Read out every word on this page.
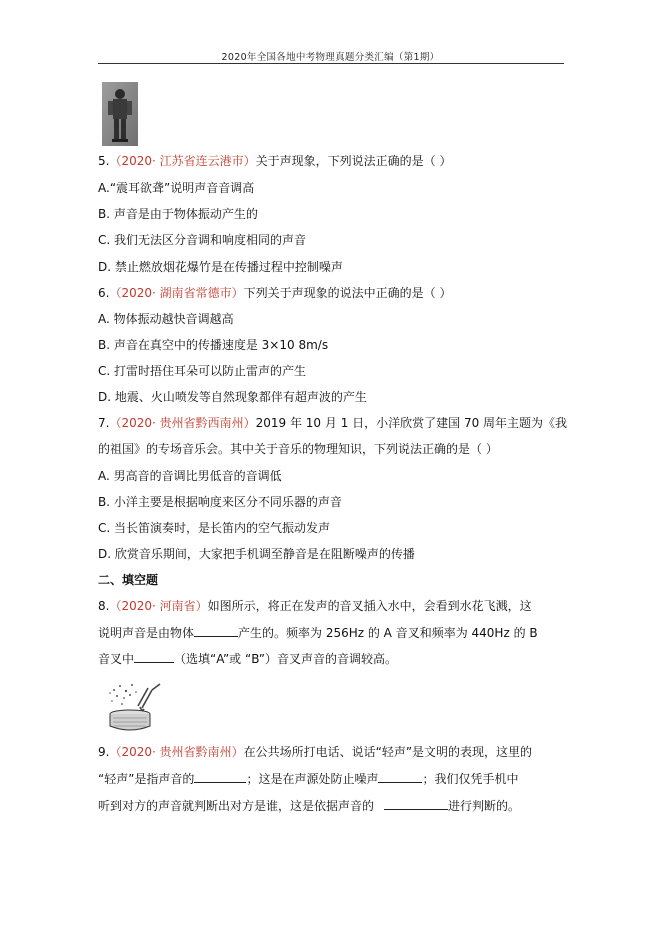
2020年全国各地中考物理真题分类汇编（第1期）
5.（2020· 江苏省连云港市）关于声现象，下列说法正确的是（ ）
A.“震耳欲聋”说明声音音调高
B. 声音是由于物体振动产生的
C. 我们无法区分音调和响度相同的声音
D. 禁止燃放烟花爆竹是在传播过程中控制噪声
6.（2020· 湖南省常德市）下列关于声现象的说法中正确的是（ ）
A. 物体振动越快音调越高
B. 声音在真空中的传播速度是 3×10 8m/s
C. 打雷时捂住耳朵可以防止雷声的产生
D. 地震、火山喷发等自然现象都伴有超声波的产生
7.（2020· 贵州省黔西南州）2019 年 10 月 1 日，小洋欣赏了建国 70 周年主题为《我
的祖国》的专场音乐会。其中关于音乐的物理知识，下列说法正确的是（ ）
A. 男高音的音调比男低音的音调低
B. 小洋主要是根据响度来区分不同乐器的声音
C. 当长笛演奏时，是长笛内的空气振动发声
D. 欣赏音乐期间，大家把手机调至静音是在阻断噪声的传播
二、填空题
8.（2020· 河南省）如图所示，将正在发声的音叉插入水中，会看到水花飞溅，这
说明声音是由物体	产生的。频率为 256Hz 的 A 音叉和频率为 440Hz 的 B
音叉中	（选填“A”或 “B”）音叉声音的音调较高。
9.（2020· 贵州省黔南州）在公共场所打电话、说话“轻声”是文明的表现，这里的
“轻声”是指声音的	；这是在声源处防止噪声	；我们仅凭手机中
听到对方的声音就判断出对方是谁，这是依据声音的	进行判断的。
